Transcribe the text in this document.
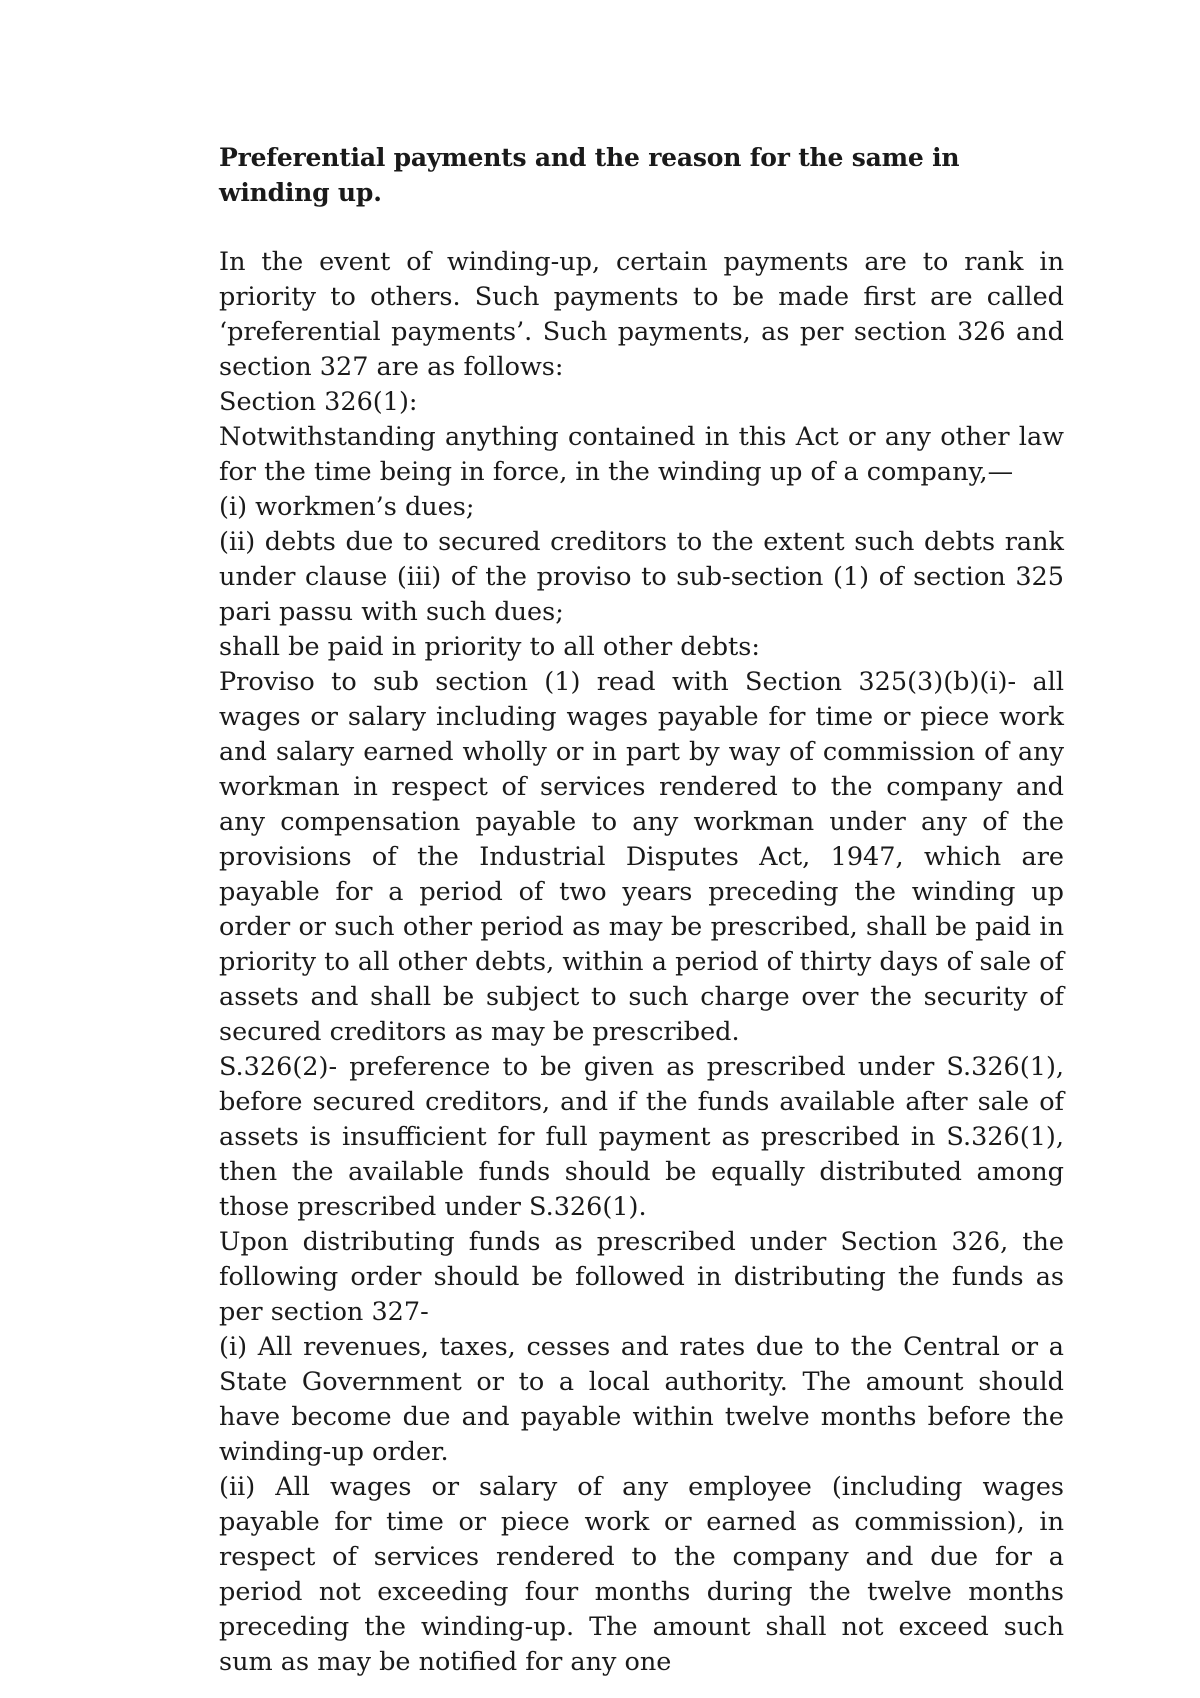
Preferential payments and the reason for the same in winding up.

In the event of winding-up, certain payments are to rank in priority to others. Such payments to be made first are called ‘preferential payments’. Such payments, as per section 326 and section 327 are as follows:

Section 326(1):

Notwithstanding anything contained in this Act or any other law for the time being in force, in the winding up of a company,—

(i) workmen’s dues;

(ii) debts due to secured creditors to the extent such debts rank under clause (iii) of the proviso to sub-section (1) of section 325 pari passu with such dues;

shall be paid in priority to all other debts:

Proviso to sub section (1) read with Section 325(3)(b)(i)- all wages or salary including wages payable for time or piece work and salary earned wholly or in part by way of commission of any workman in respect of services rendered to the company and any compensation payable to any workman under any of the provisions of the Industrial Disputes Act, 1947, which are payable for a period of two years preceding the winding up order or such other period as may be prescribed, shall be paid in priority to all other debts, within a period of thirty days of sale of assets and shall be subject to such charge over the security of secured creditors as may be prescribed.

S.326(2)- preference to be given as prescribed under S.326(1), before secured creditors, and if the funds available after sale of assets is insufficient for full payment as prescribed in S.326(1), then the available funds should be equally distributed among those prescribed under S.326(1).

Upon distributing funds as prescribed under Section 326, the following order should be followed in distributing the funds as per section 327-

(i) All revenues, taxes, cesses and rates due to the Central or a State Government or to a local authority. The amount should have become due and payable within twelve months before the winding-up order.

(ii) All wages or salary of any employee (including wages payable for time or piece work or earned as commission), in respect of services rendered to the company and due for a period not exceeding four months during the twelve months preceding the winding-up. The amount shall not exceed such sum as may be notified for any one
